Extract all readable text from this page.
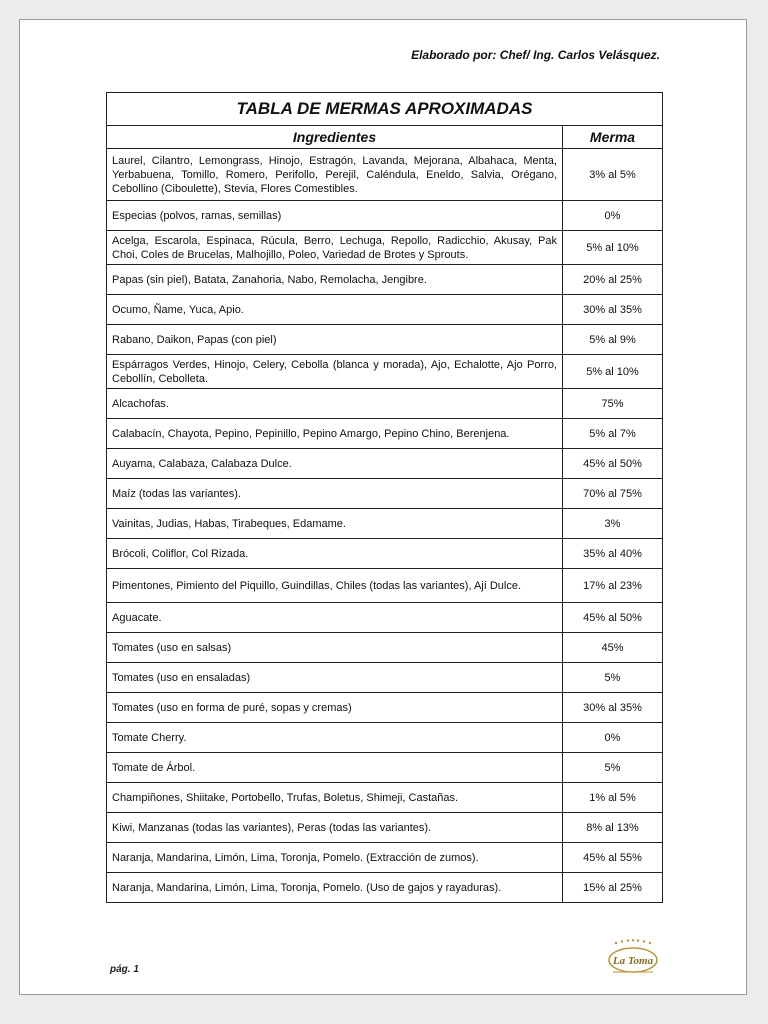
Elaborado por: Chef/ Ing. Carlos Velásquez.
TABLA DE MERMAS APROXIMADAS	
Ingredientes	Merma
Laurel, Cilantro, Lemongrass, Hinojo, Estragón, Lavanda, Mejorana, Albahaca, Menta, Yerbabuena, Tomillo, Romero, Perifollo, Perejil, Caléndula, Eneldo, Salvia, Orégano, Cebollino (Ciboulette), Stevia, Flores Comestibles.	3% al 5%
Especias (polvos, ramas, semillas)	0%
Acelga, Escarola, Espinaca, Rúcula, Berro, Lechuga, Repollo, Radicchio, Akusay, Pak Choi, Coles de Brucelas, Malhojillo, Poleo, Variedad de Brotes y Sprouts.	5% al 10%
Papas (sin piel), Batata, Zanahoria, Nabo, Remolacha, Jengibre.	20% al 25%
Ocumo, Ñame, Yuca, Apio.	30% al 35%
Rabano, Daikon, Papas (con piel)	5% al 9%
Espárragos Verdes, Hinojo, Celery, Cebolla (blanca y morada), Ajo, Echalotte, Ajo Porro, Cebollín, Cebolleta.	5% al 10%
Alcachofas.	75%
Calabacín, Chayota, Pepino, Pepinillo, Pepino Amargo, Pepino Chino, Berenjena.	5% al 7%
Auyama, Calabaza, Calabaza Dulce.	45% al 50%
Maíz (todas las variantes).	70% al 75%
Vainitas, Judias, Habas, Tirabeques, Edamame.	3%
Brócoli, Coliflor, Col Rizada.	35% al 40%
Pimentones, Pimiento del Piquillo, Guindillas, Chiles (todas las variantes), Ají Dulce.	17% al 23%
Aguacate.	45% al 50%
Tomates (uso en salsas)	45%
Tomates (uso en ensaladas)	5%
Tomates (uso en forma de puré, sopas y cremas)	30% al 35%
Tomate Cherry.	0%
Tomate de Árbol.	5%
Champiñones, Shiitake, Portobello, Trufas, Boletus, Shimeji, Castañas.	1% al 5%
Kiwi, Manzanas (todas las variantes), Peras (todas las variantes).	8% al 13%
Naranja, Mandarina, Limón, Lima, Toronja, Pomelo. (Extracción de zumos).	45% al 55%
Naranja, Mandarina, Limón, Lima, Toronja, Pomelo. (Uso de gajos y rayaduras).	15% al 25%
pág. 1
La Toma
